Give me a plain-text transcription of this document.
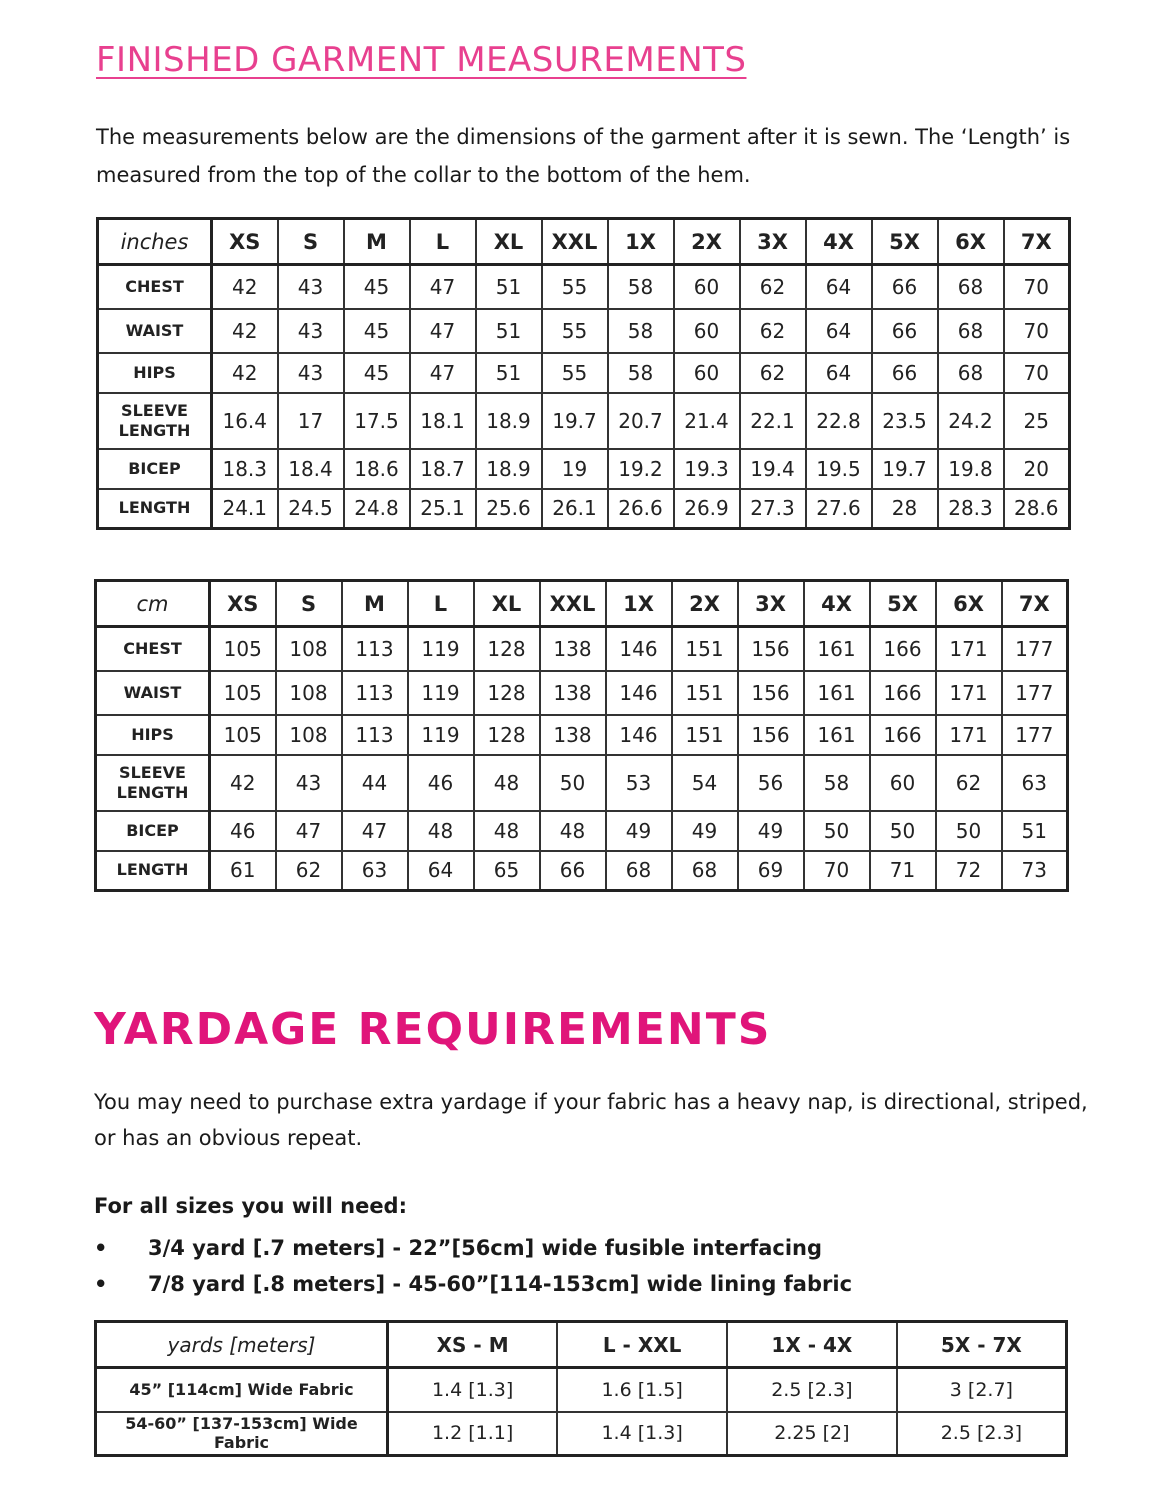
FINISHED GARMENT MEASUREMENTS

The measurements below are the dimensions of the garment after it is sewn. The ‘Length’ is measured from the top of the collar to the bottom of the hem.

inches	XS	S	M	L	XL	XXL	1X	2X	3X	4X	5X	6X	7X

CHEST	42	43	45	47	51	55	58	60	62	64	66	68	70

WAIST	42	43	45	47	51	55	58	60	62	64	66	68	70

HIPS	42	43	45	47	51	55	58	60	62	64	66	68	70

SLEEVE
LENGTH	16.4	17	17.5	18.1	18.9	19.7	20.7	21.4	22.1	22.8	23.5	24.2	25

BICEP	18.3	18.4	18.6	18.7	18.9	19	19.2	19.3	19.4	19.5	19.7	19.8	20

LENGTH	24.1	24.5	24.8	25.1	25.6	26.1	26.6	26.9	27.3	27.6	28	28.3	28.6
cm	XS	S	M	L	XL	XXL	1X	2X	3X	4X	5X	6X	7X

CHEST	105	108	113	119	128	138	146	151	156	161	166	171	177

WAIST	105	108	113	119	128	138	146	151	156	161	166	171	177

HIPS	105	108	113	119	128	138	146	151	156	161	166	171	177

SLEEVE
LENGTH	42	43	44	46	48	50	53	54	56	58	60	62	63

BICEP	46	47	47	48	48	48	49	49	49	50	50	50	51

LENGTH	61	62	63	64	65	66	68	68	69	70	71	72	73
YARDAGE REQUIREMENTS

You may need to purchase extra yardage if your fabric has a heavy nap, is directional, striped, or has an obvious repeat.

For all sizes you will need:

•	3/4 yard [.7 meters] - 22”[56cm] wide fusible interfacing
•	7/8 yard [.8 meters] - 45-60”[114-153cm] wide lining fabric
yards [meters]	XS - M	L - XXL	1X - 4X	5X - 7X
45” [114cm] Wide Fabric	1.4 [1.3]	1.6 [1.5]	2.5 [2.3]	3 [2.7]
54-60” [137-153cm] Wide Fabric	1.2 [1.1]	1.4 [1.3]	2.25 [2]	2.5 [2.3]
